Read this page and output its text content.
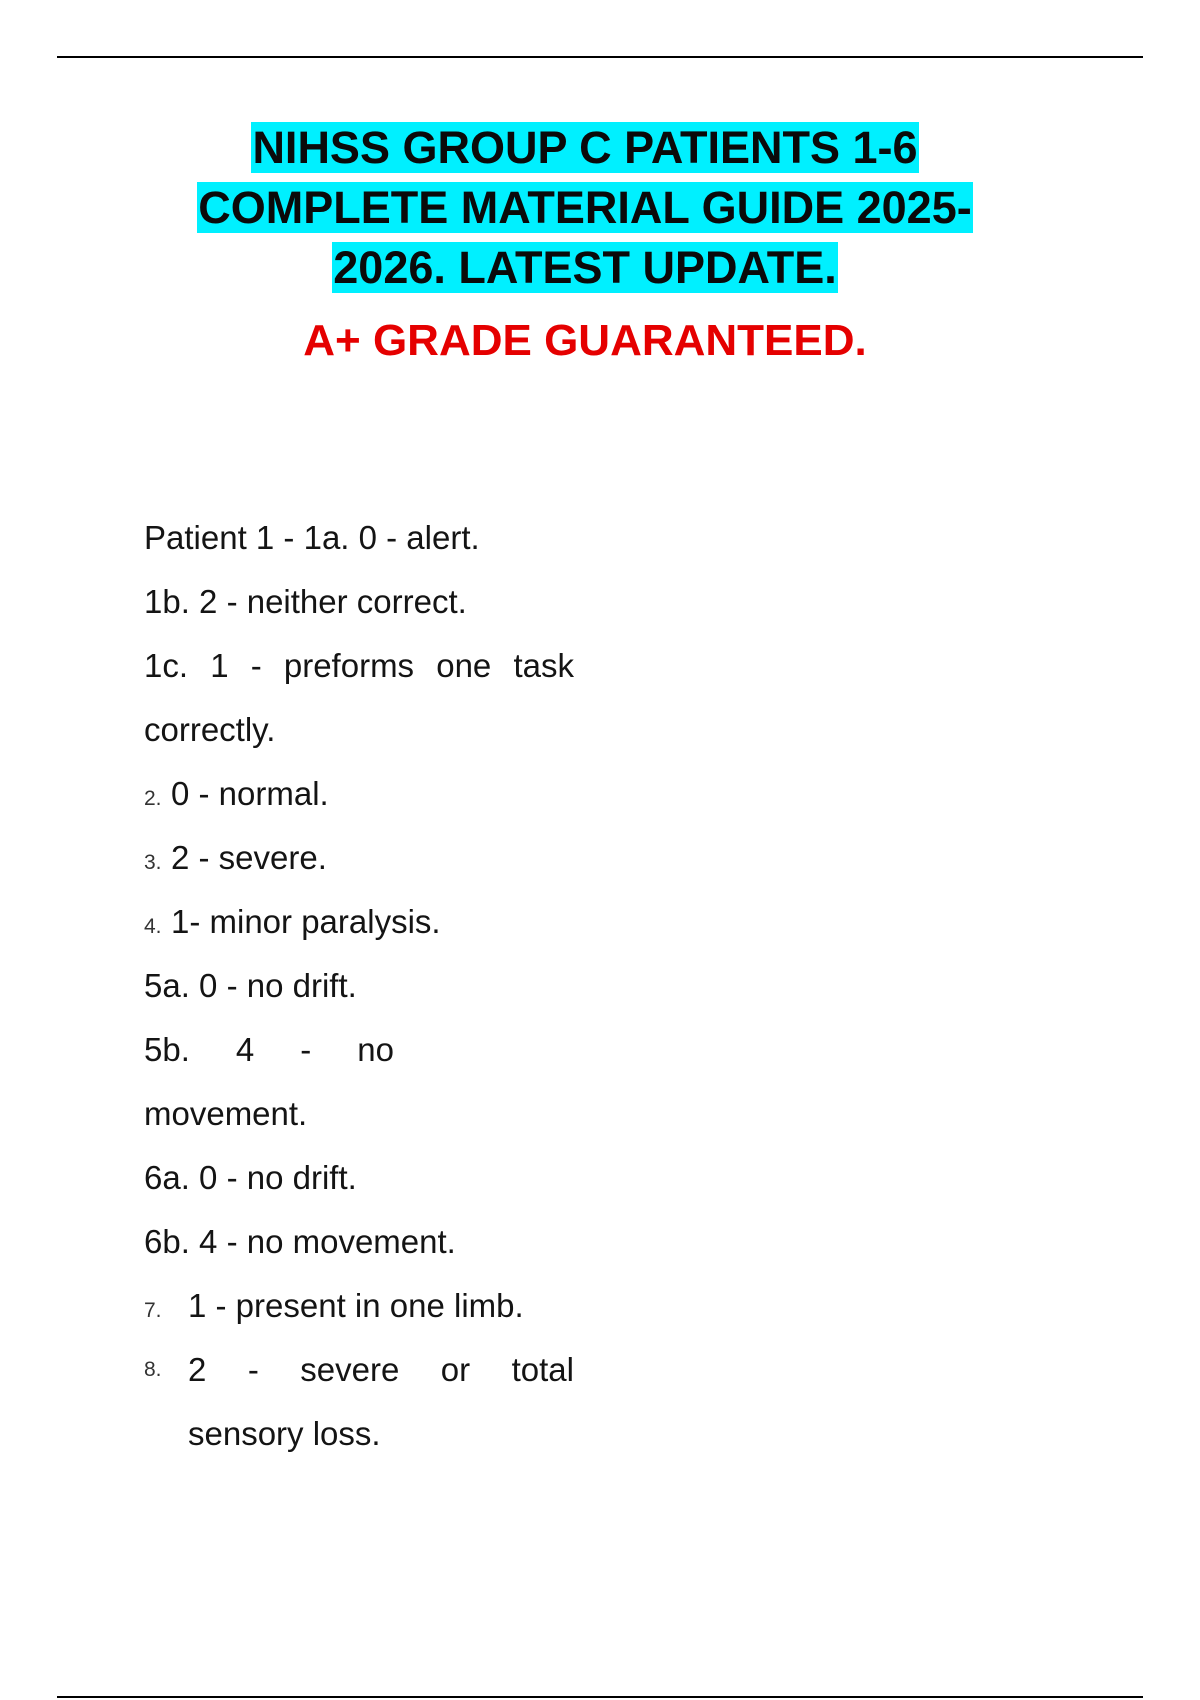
NIHSS GROUP C PATIENTS 1-6
COMPLETE MATERIAL GUIDE 2025-
2026. LATEST UPDATE.
A+ GRADE GUARANTEED.
Patient 1 - 1a. 0 - alert.
1b. 2 - neither correct.
1c. 1 - preforms one task
correctly.
2. 0 - normal.
3. 2 - severe.
4. 1- minor paralysis.
5a. 0 - no drift.
5b. 4 - no
movement.
6a. 0 - no drift.
6b. 4 - no movement.
7. 1 - present in one limb.
8. 2 - severe or total
sensory loss.
